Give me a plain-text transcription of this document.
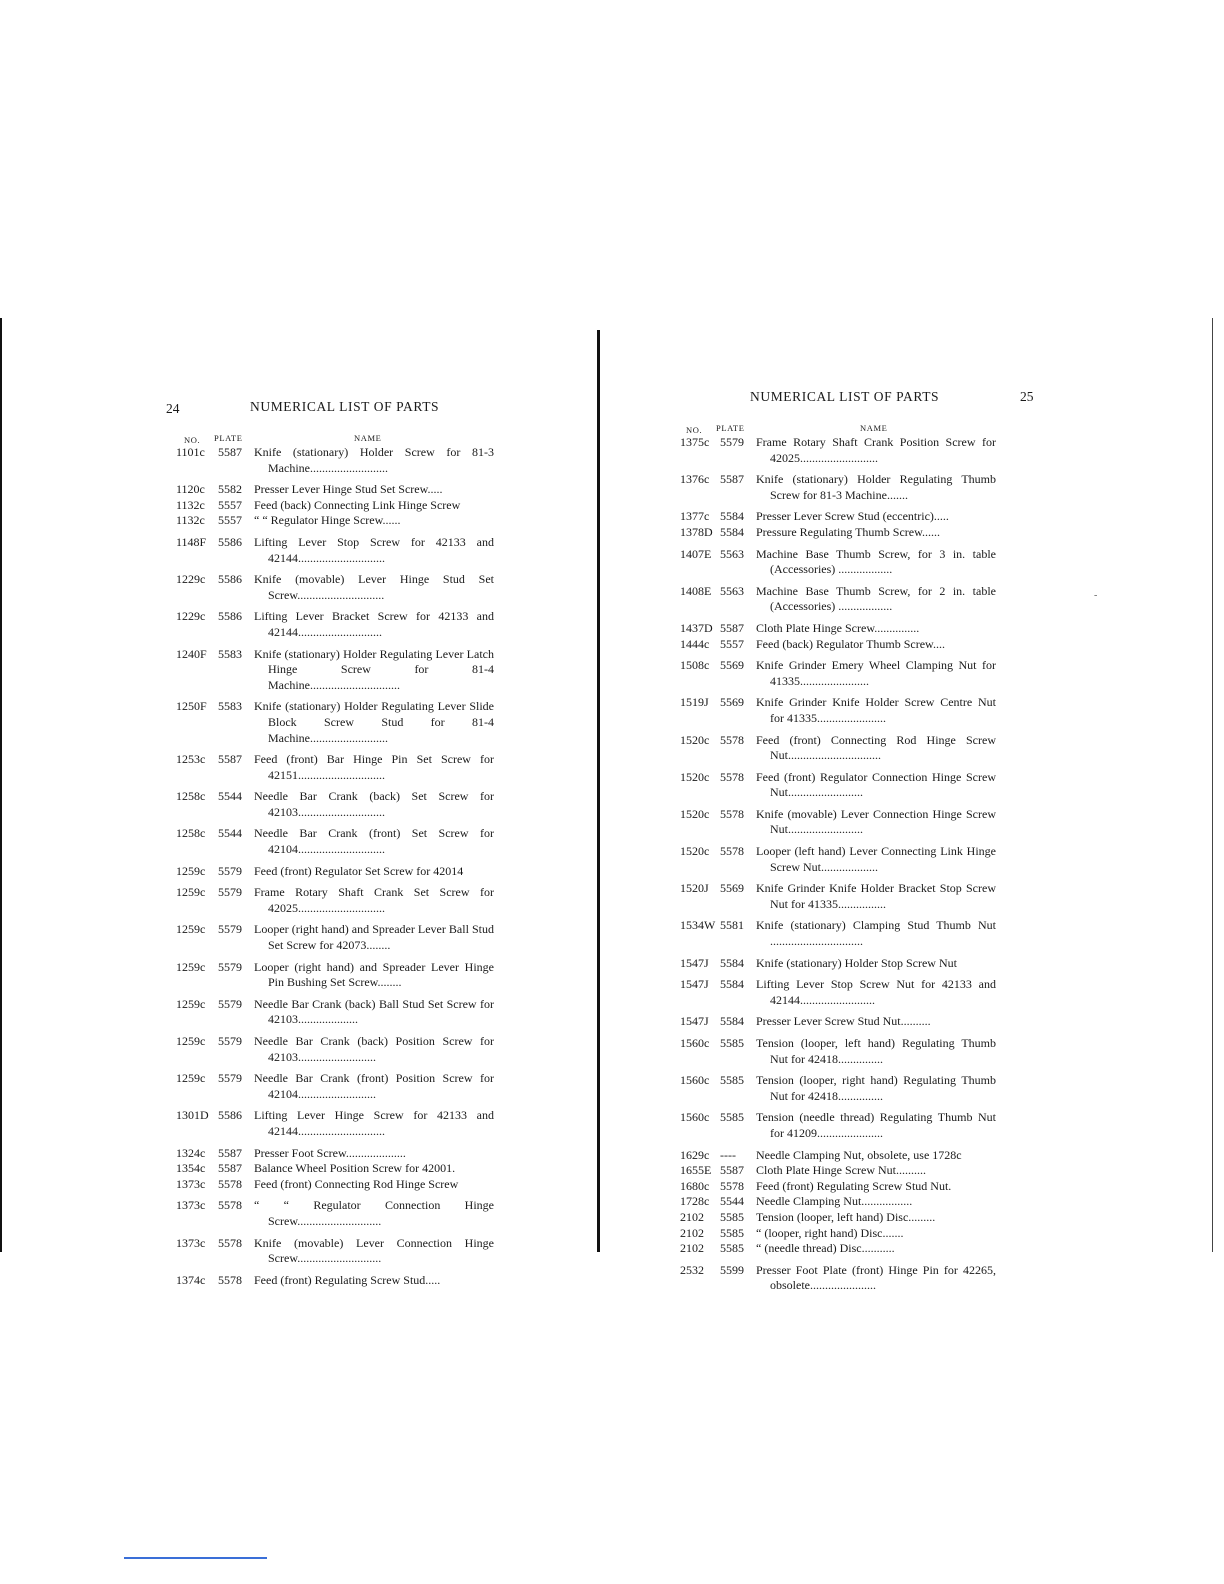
-
24	NUMERICAL LIST OF PARTS
NO. PLATE	NAME
1101c	5587	Knife (stationary) Holder Screw for 81-3 Machine..........................
1120c	5582	Presser Lever Hinge Stud Set Screw.....
1132c	5557	Feed (back) Connecting Link Hinge Screw
1132c	5557	“ “ Regulator Hinge Screw......
1148F 5586	Lifting Lever Stop Screw for 42133 and 42144.............................
1229c	5586	Knife (movable) Lever Hinge Stud Set Screw.............................
1229c	5586	Lifting Lever Bracket Screw for 42133 and 42144............................
1240F 5583	Knife (stationary) Holder Regulating Lever Latch Hinge Screw for 81-4 Machine..............................
1250F 5583	Knife (stationary) Holder Regulating Lever Slide Block Screw Stud for 81-4 Machine..........................
1253c	5587	Feed (front) Bar Hinge Pin Set Screw for 42151.............................
1258c	5544	Needle Bar Crank (back) Set Screw for 42103.............................
1258c	5544	Needle Bar Crank (front) Set Screw for 42104.............................
1259c	5579	Feed (front) Regulator Set Screw for 42014
1259c	5579	Frame Rotary Shaft Crank Set Screw for 42025.............................
1259c	5579	Looper (right hand) and Spreader Lever Ball Stud Set Screw for 42073........
1259c	5579	Looper (right hand) and Spreader Lever Hinge Pin Bushing Set Screw........
1259c	5579	Needle Bar Crank (back) Ball Stud Set Screw for 42103....................
1259c	5579	Needle Bar Crank (back) Position Screw for 42103..........................
1259c	5579	Needle Bar Crank (front) Position Screw for 42104..........................
1301D 5586	Lifting Lever Hinge Screw for 42133 and 42144.............................
1324c	5587	Presser Foot Screw....................
1354c	5587	Balance Wheel Position Screw for 42001.
1373c	5578	Feed (front) Connecting Rod Hinge Screw
1373c	5578	“ “ Regulator Connection Hinge Screw............................
1373c	5578	Knife (movable) Lever Connection Hinge Screw............................
1374c	5578	Feed (front) Regulating Screw Stud.....
NUMERICAL LIST OF PARTS	25
NO. PLATE	NAME
1375c 5579	Frame Rotary Shaft Crank Position Screw for 42025..........................
1376c 5587	Knife (stationary) Holder Regulating Thumb Screw for 81-3 Machine.......
1377c 5584	Presser Lever Screw Stud (eccentric).....
1378D 5584	Pressure Regulating Thumb Screw......
1407E 5563	Machine Base Thumb Screw, for 3 in. table (Accessories) ..................
1408E 5563	Machine Base Thumb Screw, for 2 in. table (Accessories) ..................
1437D 5587	Cloth Plate Hinge Screw...............
1444c 5557	Feed (back) Regulator Thumb Screw....
1508c 5569	Knife Grinder Emery Wheel Clamping Nut for 41335.......................
1519J 5569	Knife Grinder Knife Holder Screw Centre Nut for 41335.......................
1520c 5578	Feed (front) Connecting Rod Hinge Screw Nut...............................
1520c 5578	Feed (front) Regulator Connection Hinge Screw Nut.........................
1520c 5578	Knife (movable) Lever Connection Hinge Screw Nut.........................
1520c 5578	Looper (left hand) Lever Connecting Link Hinge Screw Nut...................
1520J 5569	Knife Grinder Knife Holder Bracket Stop Screw Nut for 41335................
1534W 5581	Knife (stationary) Clamping Stud Thumb Nut ...............................
1547J 5584	Knife (stationary) Holder Stop Screw Nut
1547J 5584	Lifting Lever Stop Screw Nut for 42133 and 42144.........................
1547J 5584	Presser Lever Screw Stud Nut..........
1560c 5585	Tension (looper, left hand) Regulating Thumb Nut for 42418...............
1560c 5585	Tension (looper, right hand) Regulating Thumb Nut for 42418...............
1560c 5585	Tension (needle thread) Regulating Thumb Nut for 41209......................
1629c ----	Needle Clamping Nut, obsolete, use 1728c
1655E 5587	Cloth Plate Hinge Screw Nut..........
1680c 5578	Feed (front) Regulating Screw Stud Nut.
1728c 5544	Needle Clamping Nut.................
2102	5585	Tension (looper, left hand) Disc.........
2102	5585	“ (looper, right hand) Disc.......
2102	5585	“ (needle thread) Disc...........
2532	5599	Presser Foot Plate (front) Hinge Pin for 42265, obsolete......................
